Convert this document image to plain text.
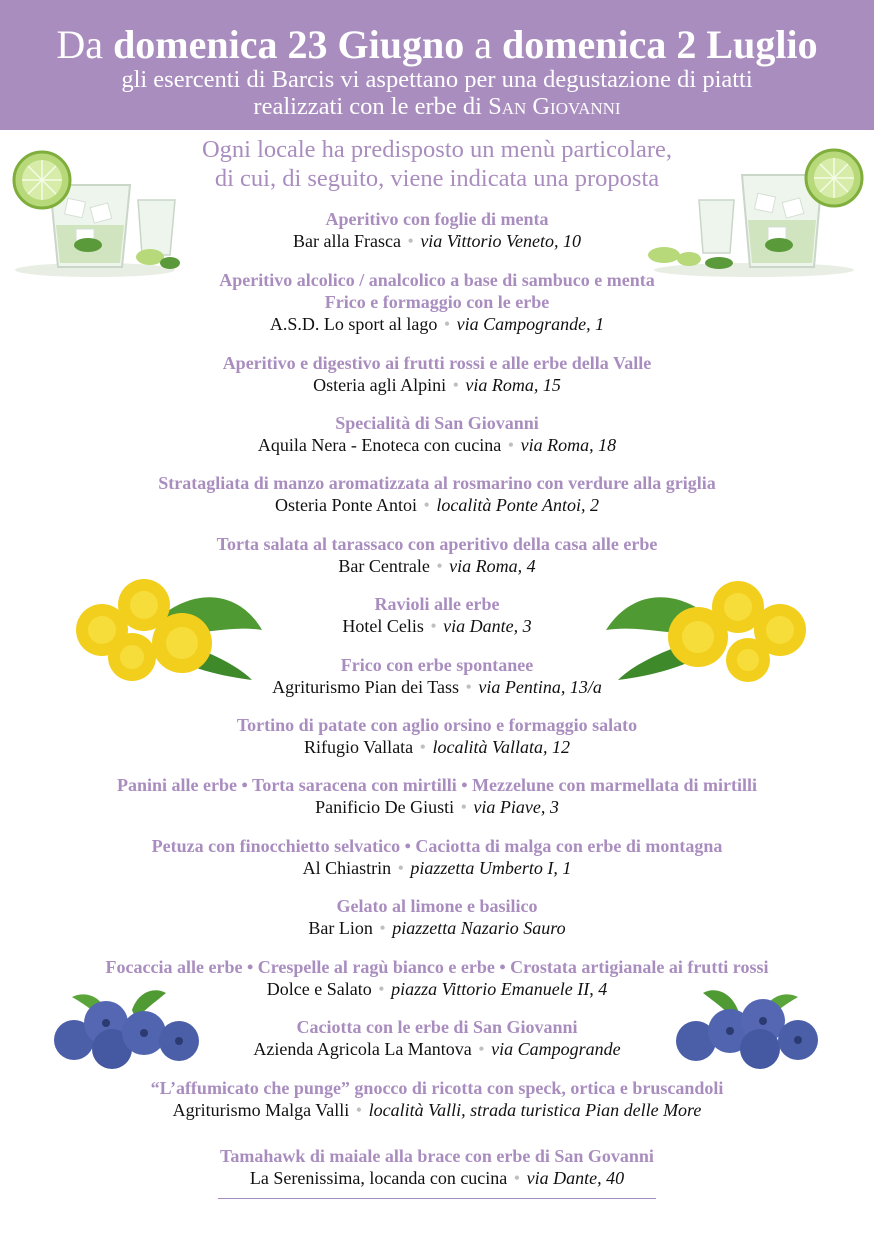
Da domenica 23 Giugno a domenica 2 Luglio
gli esercenti di Barcis vi aspettano per una degustazione di piatti
realizzati con le erbe di San Giovanni
Ogni locale ha predisposto un menù particolare,
di cui, di seguito, viene indicata una proposta
Aperitivo con foglie di menta
Bar alla Frasca • via Vittorio Veneto, 10
Aperitivo alcolico / analcolico a base di sambuco e menta
Frico e formaggio con le erbe
A.S.D. Lo sport al lago • via Campogrande, 1
Aperitivo e digestivo ai frutti rossi e alle erbe della Valle
Osteria agli Alpini • via Roma, 15
Specialità di San Giovanni
Aquila Nera - Enoteca con cucina • via Roma, 18
Stratagliata di manzo aromatizzata al rosmarino con verdure alla griglia
Osteria Ponte Antoi • località Ponte Antoi, 2
Torta salata al tarassaco con aperitivo della casa alle erbe
Bar Centrale • via Roma, 4
Ravioli alle erbe
Hotel Celis • via Dante, 3
Frico con erbe spontanee
Agriturismo Pian dei Tass • via Pentina, 13/a
Tortino di patate con aglio orsino e formaggio salato
Rifugio Vallata • località Vallata, 12
Panini alle erbe • Torta saracena con mirtilli • Mezzelune con marmellata di mirtilli
Panificio De Giusti • via Piave, 3
Petuza con finocchietto selvatico • Caciotta di malga con erbe di montagna
Al Chiastrin • piazzetta Umberto I, 1
Gelato al limone e basilico
Bar Lion • piazzetta Nazario Sauro
Focaccia alle erbe • Crespelle al ragù bianco e erbe • Crostata artigianale ai frutti rossi
Dolce e Salato • piazza Vittorio Emanuele II, 4
Caciotta con le erbe di San Giovanni
Azienda Agricola La Mantova • via Campogrande
“L’affumicato che punge” gnocco di ricotta con speck, ortica e bruscandoli
Agriturismo Malga Valli • località Valli, strada turistica Pian delle More
Tamahawk di maiale alla brace con erbe di San Govanni
La Serenissima, locanda con cucina • via Dante, 40
